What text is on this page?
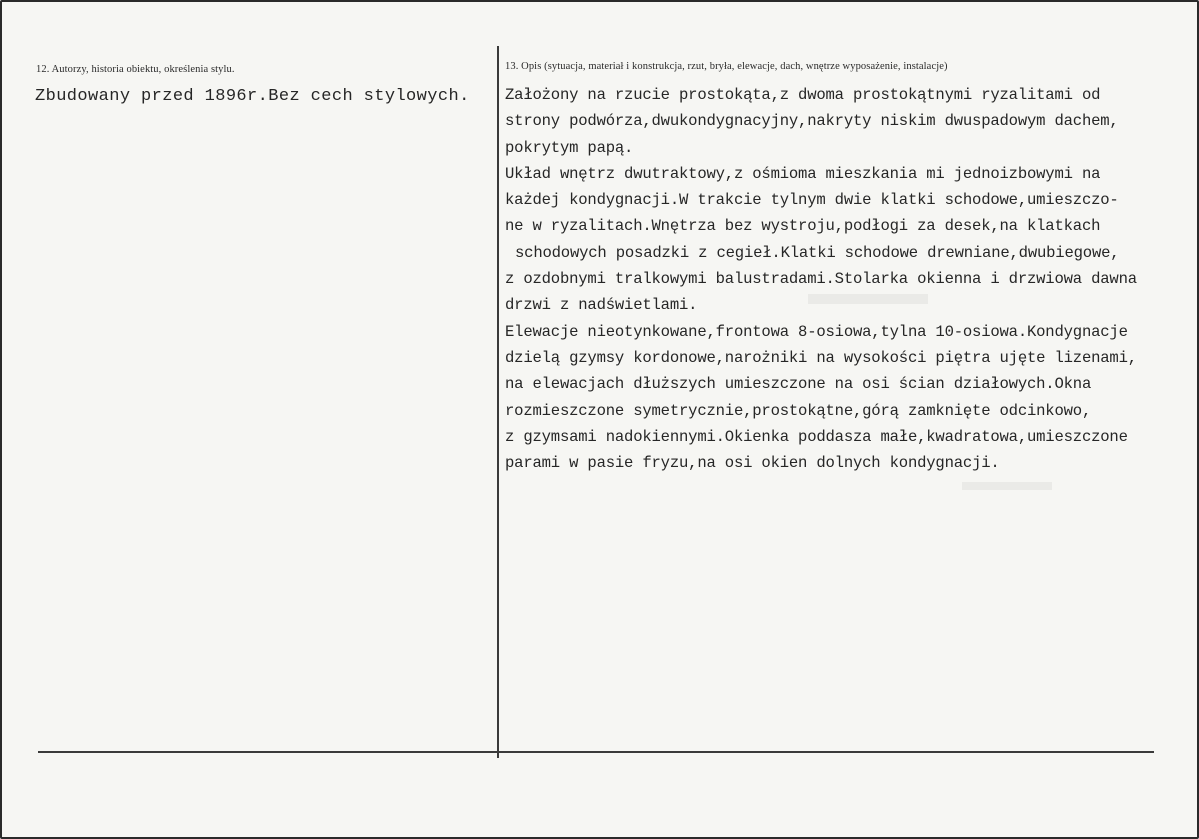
12. Autorzy, historia obiektu, określenia stylu.
Zbudowany przed 1896r.Bez cech stylowych.
13. Opis (sytuacja, materiał i konstrukcja, rzut, bryła, elewacje, dach, wnętrze wyposażenie, instalacje)
Założony na rzucie prostokąta,z dwoma prostokątnymi ryzalitami od
strony podwórza,dwukondygnacyjny,nakryty niskim dwuspadowym dachem,
pokrytym papą.
Układ wnętrz dwutraktowy,z ośmioma mieszkania mi jednoizbowymi na
każdej kondygnacji.W trakcie tylnym dwie klatki schodowe,umieszczo-
ne w ryzalitach.Wnętrza bez wystroju,podłogi za desek,na klatkach
schodowych posadzki z cegieł.Klatki schodowe drewniane,dwubiegowe,
z ozdobnymi tralkowymi balustradami.Stolarka okienna i drzwiowa dawna
drzwi z nadświetlami.
Elewacje nieotynkowane,frontowa 8-osiowa,tylna 10-osiowa.Kondygnacje
dzielą gzymsy kordonowe,narożniki na wysokości piętra ujęte lizenami,
na elewacjach dłuższych umieszczone na osi ścian działowych.Okna
rozmieszczone symetrycznie,prostokątne,górą zamknięte odcinkowo,
z gzymsami nadokiennymi.Okienka poddasza małe,kwadratowa,umieszczone
parami w pasie fryzu,na osi okien dolnych kondygnacji.
